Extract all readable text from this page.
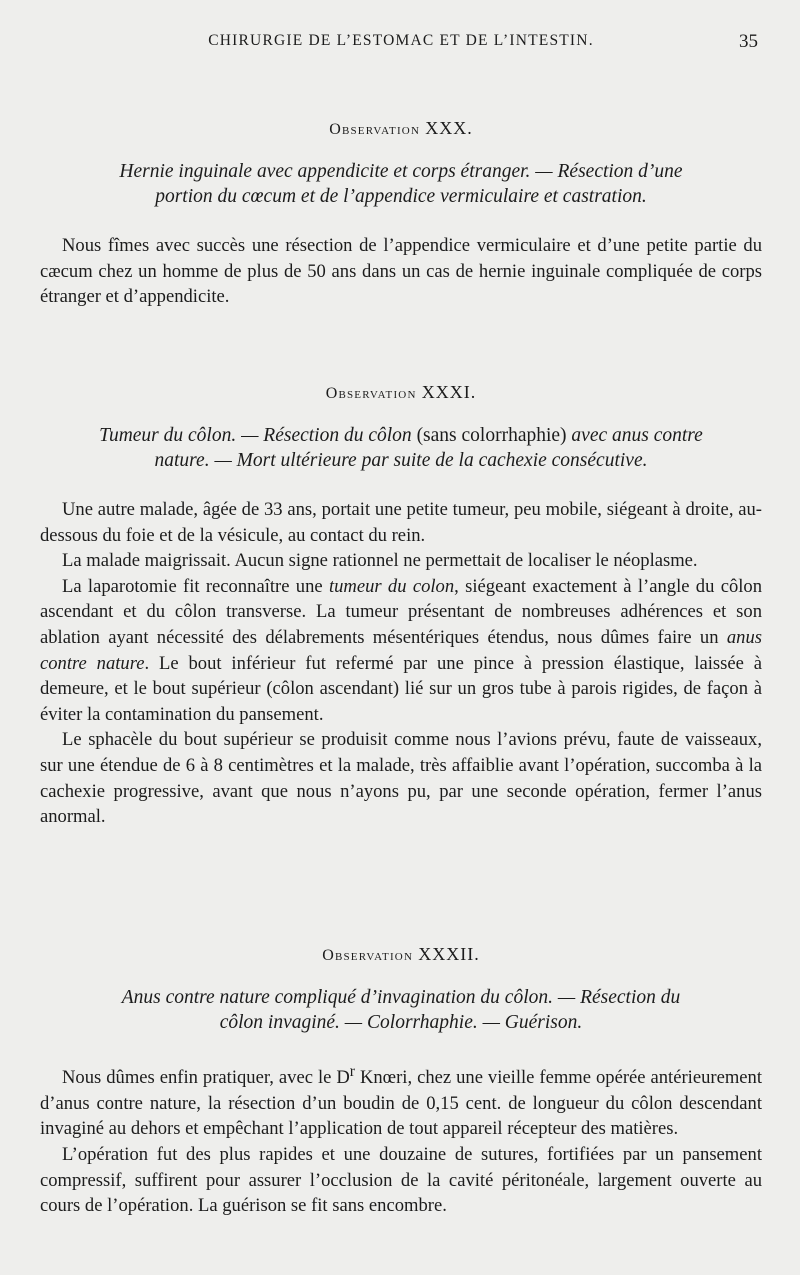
CHIRURGIE DE L’ESTOMAC ET DE L’INTESTIN.	35

Observation XXX.

Hernie inguinale avec appendicite et corps étranger. — Résection d’une
portion du cœcum et de l’appendice vermiculaire et castration.

Nous fîmes avec succès une résection de l’appendice vermiculaire et d’une petite partie du cæcum chez un homme de plus de 50 ans dans un cas de hernie inguinale compliquée de corps étranger et d’appendicite.

Observation XXXI.

Tumeur du côlon. — Résection du côlon (sans colorrhaphie) avec anus contre
nature. — Mort ultérieure par suite de la cachexie consécutive.

Une autre malade, âgée de 33 ans, portait une petite tumeur, peu mobile, siégeant à droite, au-dessous du foie et de la vésicule, au contact du rein.

La malade maigrissait. Aucun signe rationnel ne permettait de localiser le néoplasme.

La laparotomie fit reconnaître une tumeur du colon, siégeant exactement à l’angle du côlon ascendant et du côlon transverse. La tumeur présentant de nombreuses adhérences et son ablation ayant nécessité des délabrements mésentériques étendus, nous dûmes faire un anus contre nature. Le bout inférieur fut refermé par une pince à pression élastique, laissée à demeure, et le bout supérieur (côlon ascendant) lié sur un gros tube à parois rigides, de façon à éviter la contamination du pansement.

Le sphacèle du bout supérieur se produisit comme nous l’avions prévu, faute de vaisseaux, sur une étendue de 6 à 8 centimètres et la malade, très affaiblie avant l’opération, succomba à la cachexie progressive, avant que nous n’ayons pu, par une seconde opération, fermer l’anus anormal.

Observation XXXII.

Anus contre nature compliqué d’invagination du côlon. — Résection du
côlon invaginé. — Colorrhaphie. — Guérison.

Nous dûmes enfin pratiquer, avec le $D^r$ Knœri, chez une vieille femme opérée antérieurement d’anus contre nature, la résection d’un boudin de 0,15 cent. de longueur du côlon descendant invaginé au dehors et empêchant l’application de tout appareil récepteur des matières.

L’opération fut des plus rapides et une douzaine de sutures, fortifiées par un pansement compressif, suffirent pour assurer l’occlusion de la cavité péritonéale, largement ouverte au cours de l’opération. La guérison se fit sans encombre.
